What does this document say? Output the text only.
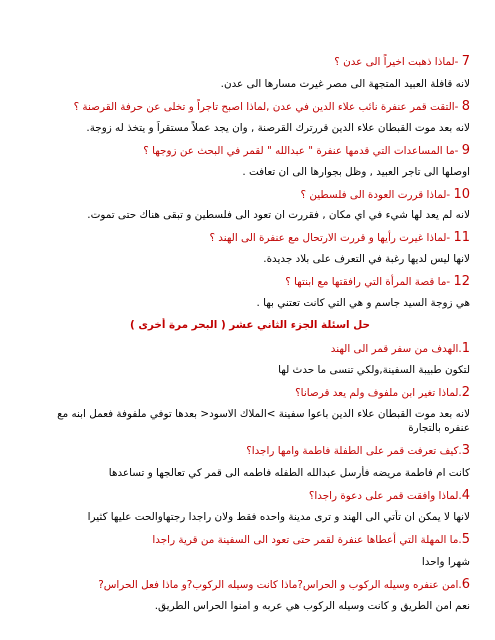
7 -لماذا ذهبت اخيراً الى عدن ؟
لانه قافلة العبيد المتجهة الى مصر غيرت مسارها الى عدن.
8 -التقت قمر عنفرة نائب علاء الدين في عدن ,لماذا اصبح تاجراً و تخلى عن حرفة القرصنة ؟
لانه بعد موت القبطان علاء الدين قررترك القرصنة , وان يجد عملاً مستقراً و يتخذ له زوجة.
9 -ما المساعدات التي قدمها عنفرة " عبدالله " لقمر في البحث عن زوجها ؟
اوصلها الى تاجر العبيد , وظل بجوارها الى ان تعافت .
10 -لماذا قررت العودة الى فلسطين ؟
لانه لم يعد لها شيء في اي مكان , فقررت ان تعود الى فلسطين و تبقى هناك حتى تموت.
11 -لماذا غيرت رأيها و قررت الارتحال مع عنفرة الى الهند ؟
لانها ليس لديها رغبة في التعرف على بلاد جديدة.
12 -ما قصة المرأة التي رافقتها مع ابنتها ؟
هي زوجة السيد جاسم و هي التي كانت تعتني بها .
حل اسئلة الجزء الثاني عشر ( البحر مرة أخرى )
1.الهدف من سفر قمر الى الهند
لتكون طبيبة السفينة,ولكي تنسى ما حدث لها
2.لماذا تغير ابن ملفوف ولم يعد قرصانا؟
لانه بعد موت القبطان علاء الدين باعوا سفينة >الملاك الاسود< بعدها توفي ملفوفة فعمل ابنه مع عنفره بالتجارة
3.كيف تعرفت قمر على الطفلة فاطمة وامها راجدا؟
كانت ام فاطمة مريضه فأرسل عبدالله الطفله فاطمه الى قمر كي تعالجها و تساعدها
4.لماذا وافقت قمر على دعوة راجدا؟
لانها لا يمكن ان تأتي الى الهند و ترى مدينة واحده فقط ولان راجدا رجتهاوالحت عليها كثيرا
5.ما المهلة التي أعطاها عنفرة لقمر حتى تعود الى السفينة من قرية راجدا
شهرا واحدا
6.امن عنفره وسيله الركوب و الحراس?ماذا كانت وسيله الركوب?و ماذا فعل الحراس?
نعم امن الطريق و كانت وسيله الركوب هي عربه و امنوا الحراس الطريق.
